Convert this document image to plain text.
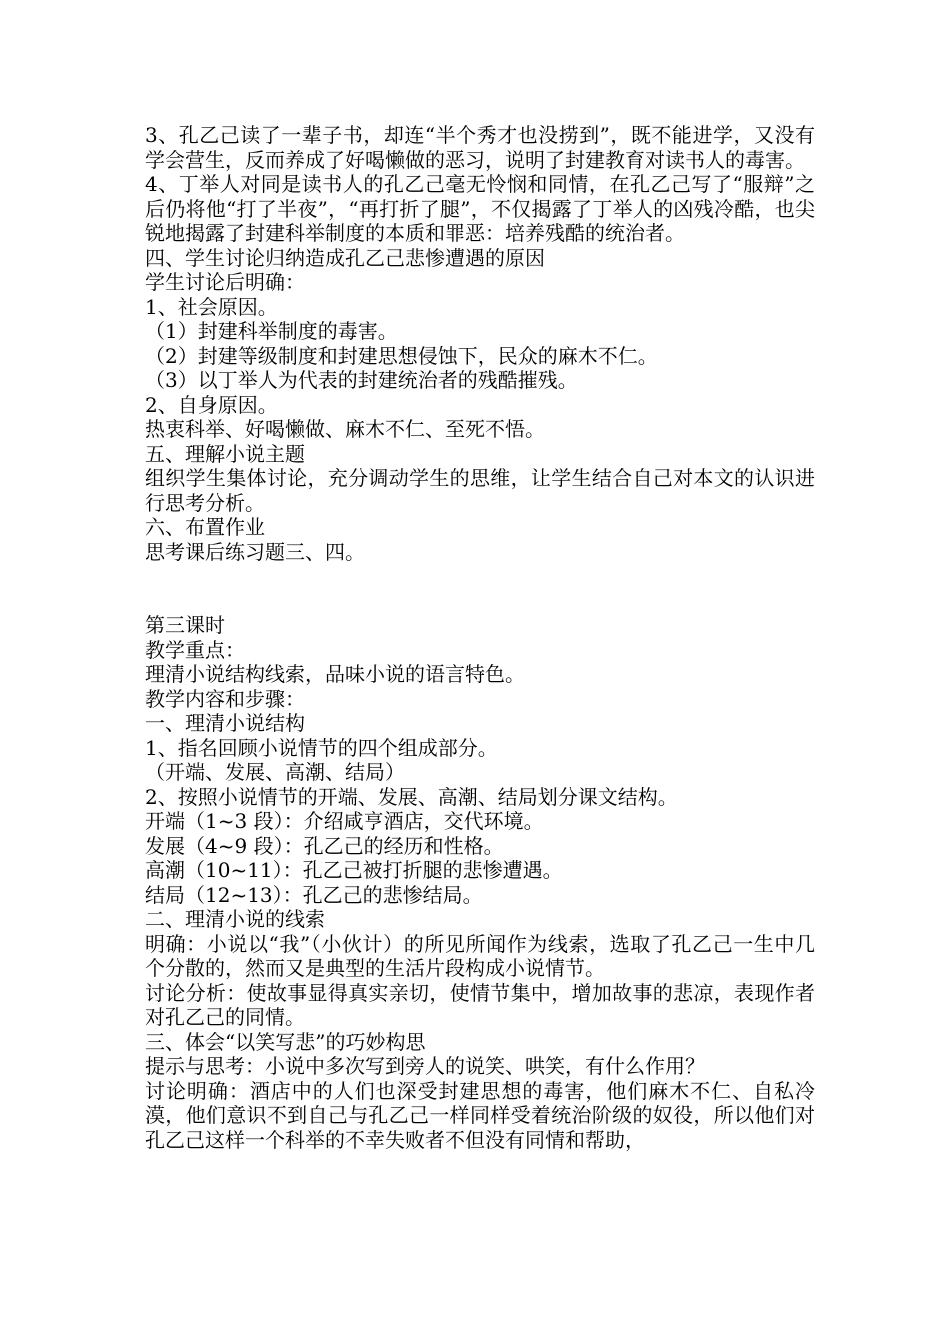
3、孔乙己读了一辈子书，却连“半个秀才也没捞到”，既不能进学，又没有学会营生，反而养成了好喝懒做的恶习，说明了封建教育对读书人的毒害。

4、丁举人对同是读书人的孔乙己毫无怜悯和同情，在孔乙己写了“服辩”之后仍将他“打了半夜”，“再打折了腿”，不仅揭露了丁举人的凶残冷酷，也尖锐地揭露了封建科举制度的本质和罪恶：培养残酷的统治者。

四、学生讨论归纳造成孔乙己悲惨遭遇的原因

学生讨论后明确：

1、社会原因。

（1）封建科举制度的毒害。

（2）封建等级制度和封建思想侵蚀下，民众的麻木不仁。

（3）以丁举人为代表的封建统治者的残酷摧残。

2、自身原因。

热衷科举、好喝懒做、麻木不仁、至死不悟。

五、理解小说主题

组织学生集体讨论，充分调动学生的思维，让学生结合自己对本文的认识进行思考分析。

六、布置作业

思考课后练习题三、四。

第三课时

教学重点：

理清小说结构线索，品味小说的语言特色。

教学内容和步骤：

一、理清小说结构

1、指名回顾小说情节的四个组成部分。

（开端、发展、高潮、结局）

2、按照小说情节的开端、发展、高潮、结局划分课文结构。

开端（1~3 段）：介绍咸亨酒店，交代环境。

发展（4~9 段）：孔乙己的经历和性格。

高潮（10~11）：孔乙己被打折腿的悲惨遭遇。

结局（12~13）：孔乙己的悲惨结局。

二、理清小说的线索

明确：小说以“我”（小伙计）的所见所闻作为线索，选取了孔乙己一生中几个分散的，然而又是典型的生活片段构成小说情节。

讨论分析：使故事显得真实亲切，使情节集中，增加故事的悲凉，表现作者对孔乙己的同情。

三、体会“以笑写悲”的巧妙构思

提示与思考：小说中多次写到旁人的说笑、哄笑，有什么作用？

讨论明确：酒店中的人们也深受封建思想的毒害，他们麻木不仁、自私冷漠，他们意识不到自己与孔乙己一样同样受着统治阶级的奴役，所以他们对孔乙己这样一个科举的不幸失败者不但没有同情和帮助，
